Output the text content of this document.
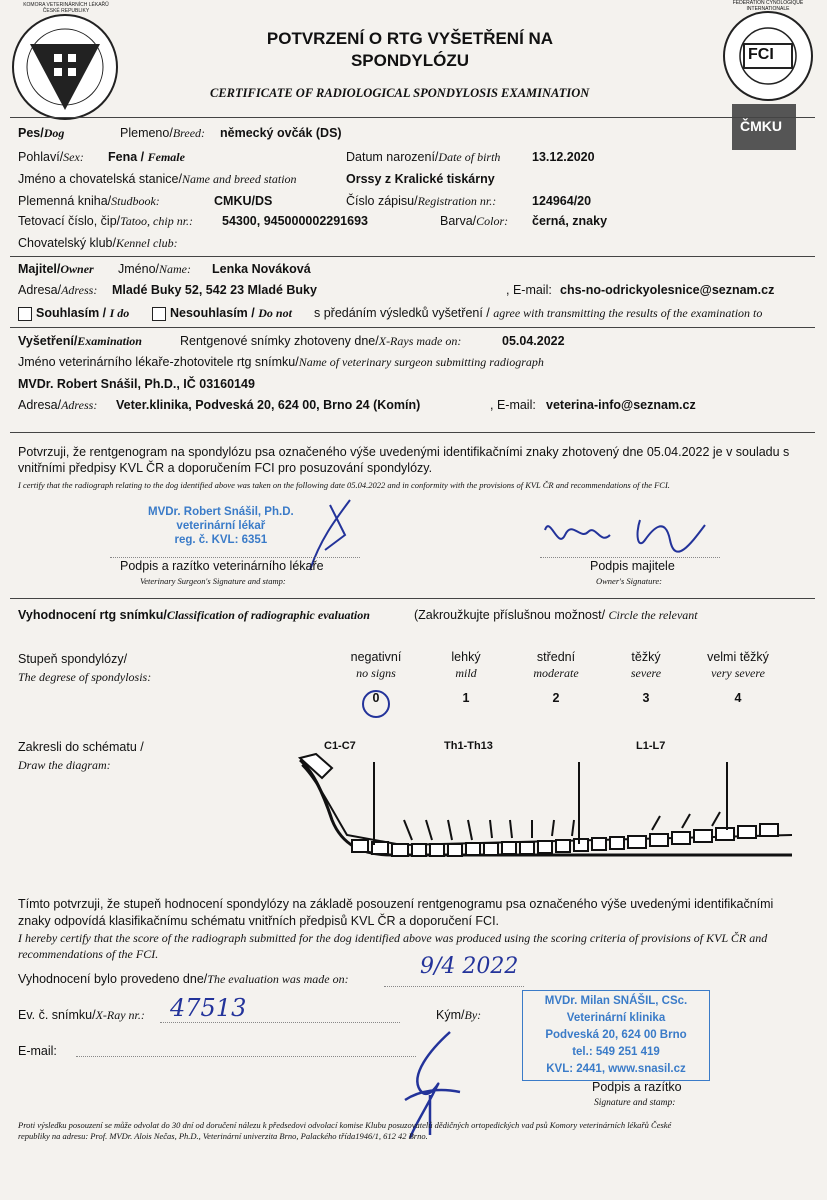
KOMORA VETERINÁRNÍCH LÉKAŘŮ ČESKÉ REPUBLIKY
FCI
FEDERATION CYNOLOGIQUE INTERNATIONALE
ČMKU
POTVRZENÍ O RTG VYŠETŘENÍ NA SPONDYLÓZU
CERTIFICATE OF RADIOLOGICAL SPONDYLOSIS EXAMINATION
Pes/Dog	Plemeno/Breed: německý ovčák (DS)
Pohlaví/Sex: Fena / Female	Datum narození/Date of birth	13.12.2020
Jméno a chovatelská stanice/Name and breed station	Orssy z Kralické tiskárny
Plemenná kniha/Studbook:	CMKU/DS	Číslo zápisu/Registration nr.:	124964/20
Tetovací číslo, čip/Tatoo, chip nr.: 54300, 945000002291693	Barva/Color: černá, znaky
Chovatelský klub/Kennel club:
Majitel/Owner Jméno/Name: Lenka Nováková
Adresa/Adress: Mladé Buky 52, 542 23 Mladé Buky	, E-mail: chs-no-odrickyolesnice@seznam.cz
Souhlasím / I do	Nesouhlasím / Do not s předáním výsledků vyšetření / agree with transmitting the results of the examination to
Vyšetření/Examination	Rentgenové snímky zhotoveny dne/X-Rays made on:	05.04.2022
Jméno veterinárního lékaře-zhotovitele rtg snímku/Name of veterinary surgeon submitting radiograph
MVDr. Robert Snášil, Ph.D., IČ 03160149
Adresa/Adress: Veter.klinika, Podveská 20, 624 00, Brno 24 (Komín)	, E-mail: veterina-info@seznam.cz
Potvrzuji, že rentgenogram na spondylózu psa označeného výše uvedenými identifikačními znaky zhotovený dne 05.04.2022 je v souladu s vnitřními předpisy KVL ČR a doporučením FCI pro posuzování spondylózy.
I certify that the radiograph relating to the dog identified above was taken on the following date 05.04.2022 and in conformity with the provisions of KVL ČR and recommendations of the FCI.
MVDr. Robert Snášil, Ph.D.
veterinární lékař
reg. č. KVL: 6351
Podpis a razítko veterinárního lékaře
Veterinary Surgeon's Signature and stamp:
Podpis majitele
Owner's Signature:
Vyhodnocení rtg snímku/Classification of radiographic evaluation	(Zakroužkujte příslušnou možnost/ Circle the relevant
Stupeň spondylózy/
The degrese of spondylosis:
negativní
no signs
0
lehký
mild
1
střední
moderate
2
těžký
severe
3
velmi těžký
very severe
4
Zakresli do schématu /
Draw the diagram:
C1-C7	Th1-Th13	L1-L7
Tímto potvrzuji, že stupeň hodnocení spondylózy na základě posouzení rentgenogramu psa označeného výše uvedenými identifikačními znaky odpovídá klasifikačnímu schématu vnitřních předpisů KVL ČR a doporučení FCI.
I hereby certify that the score of the radiograph submitted for the dog identified above was produced using the scoring criteria of provisions of KVL ČR and recommendations of the FCI.
Vyhodnocení bylo provedeno dne/The evaluation was made on:	9/4 2022
Ev. č. snímku/X-Ray nr.: 47513	Kým/By:
E-mail:
MVDr. Milan SNÁŠIL, CSc.
Veterinární klinika
Podveská 20, 624 00 Brno
tel.: 549 251 419
KVL: 2441, www.snasil.cz
Podpis a razítko
Signature and stamp:
Proti výsledku posouzení se může odvolat do 30 dní od doručení nálezu k předsedovi odvolací komise Klubu posuzovatelů dědičných ortopedických vad psů Komory veterinárních lékařů České republiky na adresu: Prof. MVDr. Alois Nečas, Ph.D., Veterinární univerzita Brno, Palackého třída1946/1, 612 42 Brno.
